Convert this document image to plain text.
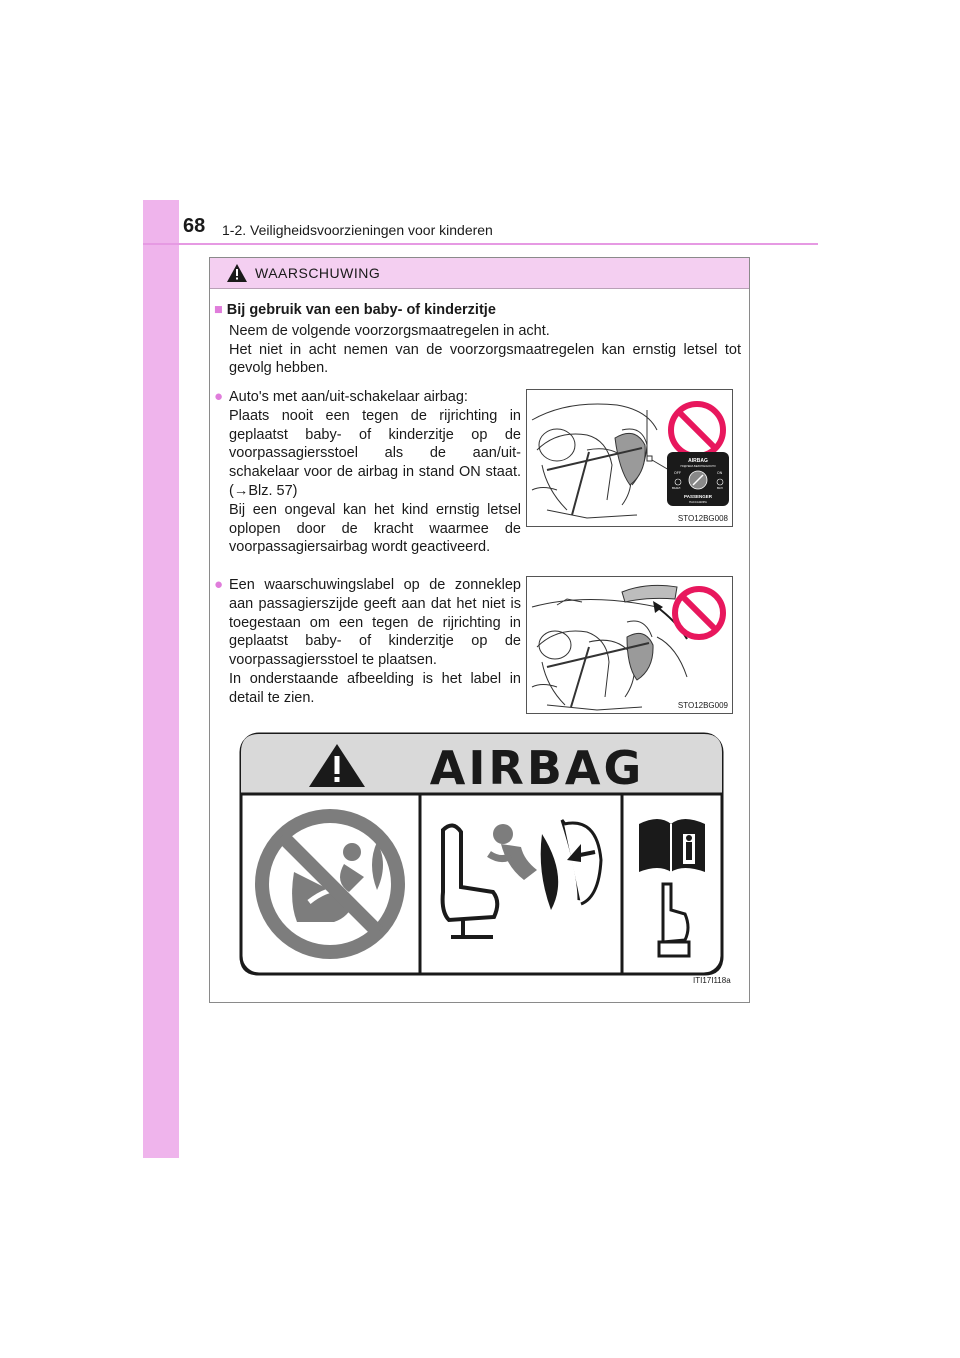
68 1-2. Veiligheidsvoorzieningen voor kinderen
WAARSCHUWING
■ Bij gebruik van een baby- of kinderzitje

Neem de volgende voorzorgsmaatregelen in acht.

Het niet in acht nemen van de voorzorgsmaatregelen kan ernstig letsel tot gevolg hebben.

● Auto's met aan/uit-schakelaar airbag:

Plaats nooit een tegen de rijrichting in geplaatst baby- of kinderzitje op de voorpassagiersstoel als de aan/uit-schakelaar voor de airbag in stand ON staat. (→Blz. 57)

Bij een ongeval kan het kind ernstig letsel oplopen door de kracht waarmee de voorpassagiersairbag wordt geactiveerd.

AIRBAG
ПОДУШКА БЕЗОПАСНОСТИ
OFF	ON
ВЫКЛ	ВКЛ
PASSENGER
ПАССАЖИРА
STO12BG008
● Een waarschuwingslabel op de zonneklep aan passagierszijde geeft aan dat het niet is toegestaan om een tegen de rijrichting in geplaatst baby- of kinderzitje op de voorpassagiersstoel te plaatsen.

In onderstaande afbeelding is het label in detail te zien.	STO12BG009
AIRBAG
ITI17I118a
